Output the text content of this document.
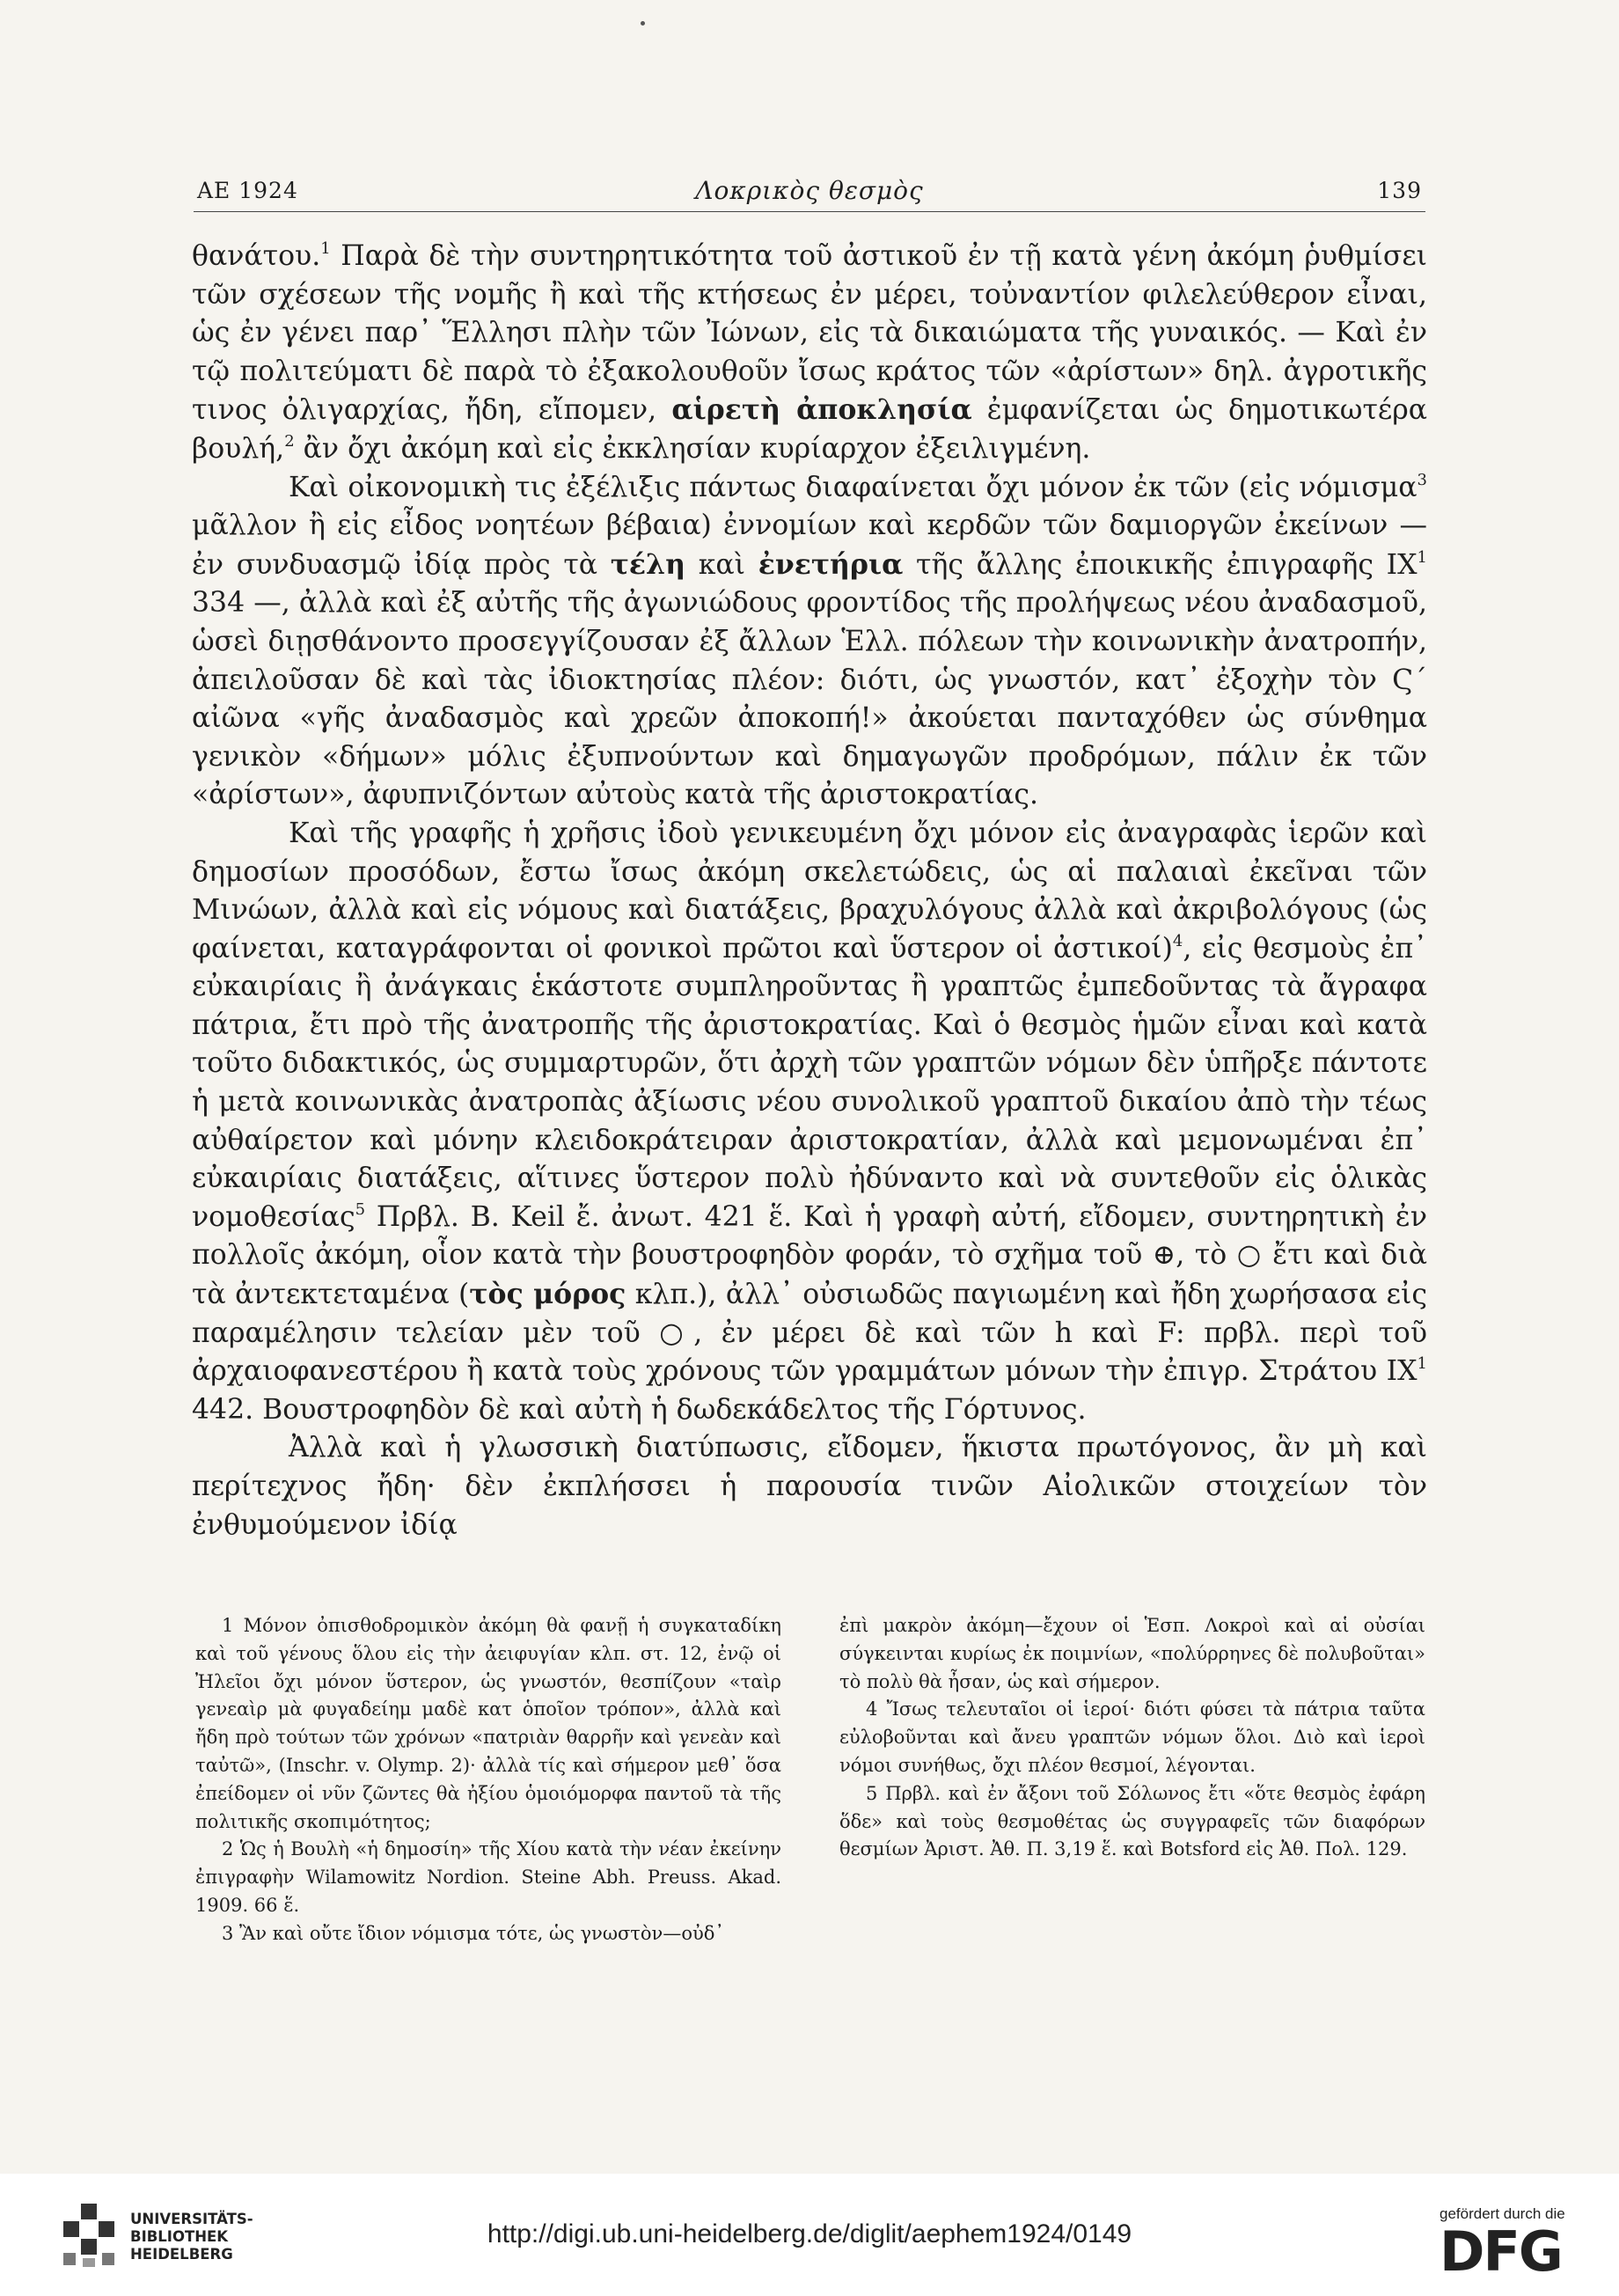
ΑΕ 1924	Λοκρικὸς θεσμὸς	139

θανάτου.$^1$ Παρὰ δὲ τὴν συντηρητικότητα τοῦ ἀστικοῦ ἐν τῇ κατὰ γένη ἀκόμη ῥυθμίσει τῶν σχέσεων τῆς νομῆς ἢ καὶ τῆς κτήσεως ἐν μέρει, τοὐναντίον φιλελεύθερον εἶναι, ὡς ἐν γένει παρ᾿ Ἕλλησι πλὴν τῶν Ἰώνων, εἰς τὰ δικαιώματα τῆς γυναικός. — Καὶ ἐν τῷ πολιτεύματι δὲ παρὰ τὸ ἐξακολουθοῦν ἴσως κράτος τῶν «ἀρίστων» δηλ. ἀγροτικῆς τινος ὀλιγαρχίας, ἤδη, εἴπομεν, αἱρετὴ ἀποκλησία ἐμφανίζεται ὡς δημοτικωτέρα βουλή,$^2$ ἂν ὄχι ἀκόμη καὶ εἰς ἐκκλησίαν κυρίαρχον ἐξειλιγμένη.

Καὶ οἰκονομικὴ τις ἐξέλιξις πάντως διαφαίνεται ὄχι μόνον ἐκ τῶν (εἰς νόμισμα$^3$ μᾶλλον ἢ εἰς εἶδος νοητέων βέβαια) ἐννομίων καὶ κερδῶν τῶν δαμιοργῶν ἐκείνων — ἐν συνδυασμῷ ἰδίᾳ πρὸς τὰ τέλη καὶ ἐνετήρια τῆς ἄλλης ἐποικικῆς ἐπιγραφῆς $IX^1$ 334 —, ἀλλὰ καὶ ἐξ αὐτῆς τῆς ἀγωνιώδους φροντίδος τῆς προλήψεως νέου ἀναδασμοῦ, ὡσεὶ διῃσθάνοντο προσεγγίζουσαν ἐξ ἄλλων Ἑλλ. πόλεων τὴν κοινωνικὴν ἀνατροπήν, ἀπειλοῦσαν δὲ καὶ τὰς ἰδιοκτησίας πλέον: διότι, ὡς γνωστόν, κατ᾿ ἐξοχὴν τὸν Ϛ´ αἰῶνα «γῆς ἀναδασμὸς καὶ χρεῶν ἀποκοπή!» ἀκούεται πανταχόθεν ὡς σύνθημα γενικὸν «δήμων» μόλις ἐξυπνούντων καὶ δημαγωγῶν προδρόμων, πάλιν ἐκ τῶν «ἀρίστων», ἀφυπνιζόντων αὐτοὺς κατὰ τῆς ἀριστοκρατίας.

Καὶ τῆς γραφῆς ἡ χρῆσις ἰδοὺ γενικευμένη ὄχι μόνον εἰς ἀναγραφὰς ἱερῶν καὶ δημοσίων προσόδων, ἔστω ἴσως ἀκόμη σκελετώδεις, ὡς αἱ παλαιαὶ ἐκεῖναι τῶν Μινώων, ἀλλὰ καὶ εἰς νόμους καὶ διατάξεις, βραχυλόγους ἀλλὰ καὶ ἀκριβολόγους (ὡς φαίνεται, καταγράφονται οἱ φονικοὶ πρῶτοι καὶ ὕστερον οἱ ἀστικοί)$^4$, εἰς θεσμοὺς ἐπ᾿ εὐκαιρίαις ἢ ἀνάγκαις ἑκάστοτε συμπληροῦντας ἢ γραπτῶς ἐμπεδοῦντας τὰ ἄγραφα πάτρια, ἔτι πρὸ τῆς ἀνατροπῆς τῆς ἀριστοκρατίας. Καὶ ὁ θεσμὸς ἡμῶν εἶναι καὶ κατὰ τοῦτο διδακτικός, ὡς συμμαρτυρῶν, ὅτι ἀρχὴ τῶν γραπτῶν νόμων δὲν ὑπῆρξε πάντοτε ἡ μετὰ κοινωνικὰς ἀνατροπὰς ἀξίωσις νέου συνολικοῦ γραπτοῦ δικαίου ἀπὸ τὴν τέως αὐθαίρετον καὶ μόνην κλειδοκράτειραν ἀριστοκρατίαν, ἀλλὰ καὶ μεμονωμέναι ἐπ᾿ εὐκαιρίαις διατάξεις, αἵτινες ὕστερον πολὺ ἠδύναντο καὶ νὰ συντεθοῦν εἰς ὁλικὰς νομοθεσίας$^5$ Πρβλ. B. Keil ἔ. ἀνωτ. 421 ἕ. Καὶ ἡ γραφὴ αὐτή, εἴδομεν, συντηρητικὴ ἐν πολλοῖς ἀκόμη, οἷον κατὰ τὴν βουστροφηδὸν φοράν, τὸ σχῆμα τοῦ ⊕, τὸ ○ ἔτι καὶ διὰ τὰ ἀντεκτεταμένα (τὸς μόρος κλπ.), ἀλλ᾿ οὐσιωδῶς παγιωμένη καὶ ἤδη χωρήσασα εἰς παραμέλησιν τελείαν μὲν τοῦ ○, ἐν μέρει δὲ καὶ τῶν h καὶ F: πρβλ. περὶ τοῦ ἀρχαιοφανεστέρου ἢ κατὰ τοὺς χρόνους τῶν γραμμάτων μόνων τὴν ἐπιγρ. Στράτου $IX^1$ 442. Βουστροφηδὸν δὲ καὶ αὐτὴ ἡ δωδεκάδελτος τῆς Γόρτυνος.

Ἀλλὰ καὶ ἡ γλωσσικὴ διατύπωσις, εἴδομεν, ἥκιστα πρωτόγονος, ἂν μὴ καὶ περίτεχνος ἤδη· δὲν ἐκπλήσσει ἡ παρουσία τινῶν Αἰολικῶν στοιχείων τὸν ἐνθυμούμενον ἰδίᾳ

1 Μόνον ὀπισθοδρομικὸν ἀκόμη θὰ φανῇ ἡ συγκαταδίκη καὶ τοῦ γένους ὅλου εἰς τὴν ἀειφυγίαν κλπ. στ. 12, ἐνῷ οἱ Ἠλεῖοι ὄχι μόνον ὕστερον, ὡς γνωστόν, θεσπίζουν «ταὶρ γενεαὶρ μὰ φυγαδείημ μαδὲ κατ ὁποῖον τρόπον», ἀλλὰ καὶ ἤδη πρὸ τούτων τῶν χρόνων «πατριὰν θαρρῆν καὶ γενεὰν καὶ ταὐτῶ», (Inschr. v. Olymp. 2)· ἀλλὰ τίς καὶ σήμερον μεθ᾿ ὅσα ἐπείδομεν οἱ νῦν ζῶντες θὰ ἠξίου ὁμοιόμορφα παντοῦ τὰ τῆς πολιτικῆς σκοπιμότητος;

2 Ὡς ἡ Βουλὴ «ἡ δημοσίη» τῆς Χίου κατὰ τὴν νέαν ἐκείνην ἐπιγραφὴν Wilamowitz Nordion. Steine Abh. Preuss. Akad. 1909. 66 ἕ.

3 Ἂν καὶ οὔτε ἴδιον νόμισμα τότε, ὡς γνωστὸν—οὐδ᾿

ἐπὶ μακρὸν ἀκόμη—ἔχουν οἱ Ἑσπ. Λοκροὶ καὶ αἱ οὐσίαι σύγκεινται κυρίως ἐκ ποιμνίων, «πολύρρηνες δὲ πολυβοῦται» τὸ πολὺ θὰ ἦσαν, ὡς καὶ σήμερον.

4 Ἴσως τελευταῖοι οἱ ἱεροί· διότι φύσει τὰ πάτρια ταῦτα εὐλοβοῦνται καὶ ἄνευ γραπτῶν νόμων ὅλοι. Διὸ καὶ ἱεροὶ νόμοι συνήθως, ὄχι πλέον θεσμοί, λέγονται.

5 Πρβλ. καὶ ἐν ἄξονι τοῦ Σόλωνος ἔτι «ὅτε θεσμὸς ἐφάρη ὅδε» καὶ τοὺς θεσμοθέτας ὡς συγγραφεῖς τῶν διαφόρων θεσμίων Ἀριστ. Ἀθ. Π. 3,19 ἕ. καὶ Botsford εἰς Ἀθ. Πολ. 129.

UNIVERSITÄTS-
BIBLIOTHEK
HEIDELBERG
http://digi.ub.uni-heidelberg.de/diglit/aephem1924/0149
gefördert durch die
DFG
